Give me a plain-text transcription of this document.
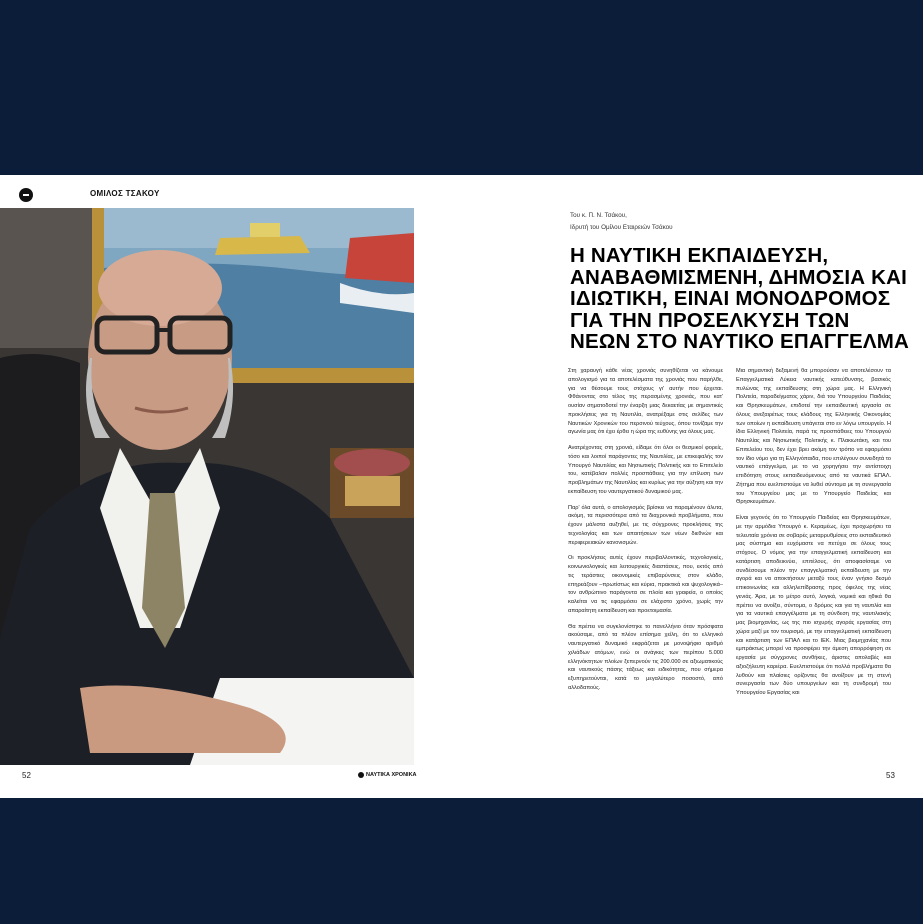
ΟΜΙΛΟΣ ΤΣΑΚΟΥ
52	ΝΑΥΤΙΚΑ ΧΡΟΝΙΚΑ
Του κ. Π. Ν. Τσάκου,
Ιδρυτή του Ομίλου Εταιρειών Τσάκου
Η ΝΑΥΤΙΚΗ ΕΚΠΑΙΔΕΥΣΗ, ΑΝΑΒΑΘΜΙΣΜΕΝΗ, ΔΗΜΟΣΙΑ ΚΑΙ ΙΔΙΩΤΙΚΗ, ΕΙΝΑΙ ΜΟΝΟΔΡΟΜΟΣ ΓΙΑ ΤΗΝ ΠΡΟΣΕΛΚΥΣΗ ΤΩΝ ΝΕΩΝ ΣΤΟ ΝΑΥΤΙΚΟ ΕΠΑΓΓΕΛΜΑ

Στη χαραυγή κάθε νέας χρονιάς συνηθίζεται να κάνουμε απολογισμό για τα αποτελέσματα της χρονιάς που παρήλθε, για να θέσουμε τους στόχους γι' αυτήν που έρχεται. Φθάνοντας στο τέλος της περασμένης χρονιάς, που κατ' ουσίαν σηματοδοτεί την έναρξη μιας δεκαετίας με σημαντικές προκλήσεις για τη Ναυτιλία, ανατρέξαμε στις σελίδες των Ναυτικών Χρονικών του περσινού τεύχους, όπου τονίζαμε την αγωνία μας ότι έχει έρθει η ώρα της ευθύνης για όλους μας.

Ανατρέχοντας στη χρονιά, είδαμε ότι όλοι οι θεσμικοί φορείς, τόσο και λοιποί παράγοντες της Ναυτιλίας, με επικεφαλής τον Υπουργό Ναυτιλίας και Νησιωτικής Πολιτικής και το Επιτελείο του, κατέβαλαν πολλές προσπάθειες για την επίλυση των προβλημάτων της Ναυτιλίας και κυρίως για την αύξηση και την εκπαίδευση του ναυτεργατικού δυναμικού μας.

Παρ' όλα αυτά, ο απολογισμός βρίσκει να παραμένουν άλυτα, ακόμη, τα περισσότερα από τα διαχρονικά προβλήματα, που έχουν μάλιστα αυξηθεί, με τις σύγχρονες προκλήσεις της τεχνολογίας και των απαιτήσεων των νέων διεθνών και περιφερειακών κανονισμών.

Οι προκλήσεις αυτές έχουν περιβαλλοντικές, τεχνολογικές, κοινωνιολογικές και λειτουργικές διαστάσεις, που, εκτός από τις τεράστιες οικονομικές επιβαρύνσεις στον κλάδο, επηρεάζουν –πρωτίστως και κύρια, πρακτικά και ψυχολογικά– τον ανθρώπινο παράγοντα σε πλοία και γραφεία, ο οποίος καλείται να τις εφαρμόσει σε ελάχιστο χρόνο, χωρίς την απαραίτητη εκπαίδευση και προετοιμασία.

Θα πρέπει να συγκλονίστηκε το πανελλήνιο όταν πρόσφατα ακούσαμε, από τα πλέον επίσημα χείλη, ότι το ελληνικό ναυτεργατικό δυναμικό εκφράζεται με μονοψήφιο αριθμό χιλιάδων ατόμων, ενώ οι ανάγκες των περίπου 5.000 ελληνόκτητων πλοίων ξεπερνούν τις 200.000 σε αξιωματικούς και ναυτικούς πάσης τάξεως και ειδικότητας, που σήμερα εξυπηρετούνται, κατά το μεγαλύτερο ποσοστό, από αλλοδαπούς.

Μια σημαντική δεξαμενή θα μπορούσαν να αποτελέσουν τα Επαγγελματικά Λύκεια ναυτικής κατεύθυνσης, βασικός πυλώνας της εκπαίδευσης στη χώρα μας. Η Ελληνική Πολιτεία, παραδείγματος χάριν, διά του Υπουργείου Παιδείας και Θρησκευμάτων, επιδοτεί την εκπαιδευτική εργασία σε όλους ανεξαιρέτως τους κλάδους της Ελληνικής Οικονομίας των οποίων η εκπαίδευση υπάγεται στο εν λόγω υπουργείο. Η ίδια Ελληνική Πολιτεία, παρά τις προσπάθειες του Υπουργού Ναυτιλίας και Νησιωτικής Πολιτικής κ. Πλακιωτάκη, και του Επιτελείου του, δεν έχει βρει ακόμη τον τρόπο να εφαρμόσει τον ίδιο νόμο για τη Ελληνόπαιδα, που επιλέγουν συνειδητά το ναυτικό επάγγελμα, με το να χορηγήσει την αντίστοιχη επιδότηση στους εκπαιδευόμενους από τα ναυτικά ΕΠΑΛ. Ζήτημα που ευελπιστούμε να λυθεί σύντομα με τη συνεργασία του Υπουργείου μας με το Υπουργείο Παιδείας και Θρησκευμάτων.

Είναι γεγονός ότι το Υπουργείο Παιδείας και Θρησκευμάτων, με την αρμόδια Υπουργό κ. Κεραμέως, έχει προχωρήσει τα τελευταία χρόνια σε σοβαρές μεταρρυθμίσεις στο εκπαιδευτικό μας σύστημα και ευχόμαστε να πετύχει σε όλους τους στόχους. Ο νόμος για την επαγγελματική εκπαίδευση και κατάρτιση αποδεικνύει, επιτέλους, ότι αποφασίσαμε να συνδέσουμε πλέον την επαγγελματική εκπαίδευση με την αγορά και να αποκτήσουν μεταξύ τους έναν γνήσιο δεσμό επικοινωνίας και αλληλεπίδρασης προς όφελος της νέας γενιάς. Άρα, με το μέτρο αυτό, λογικά, νομικά και ηθικά θα πρέπει να ανοίξει, σύντομα, ο δρόμος και για τη ναυτιλία και για τα ναυτικά επαγγέλματα με τη σύνδεση της ναυτιλιακής μας βιομηχανίας, ως της πιο ισχυρής αγοράς εργασίας στη χώρα μαζί με τον τουρισμό, με την επαγγελματική εκπαίδευση και κατάρτιση των ΕΠΑΛ και το ΙΕΚ. Μιας βιομηχανίας που εμπράκτως μπορεί να προσφέρει την άμεση απορρόφηση σε εργασία με σύγχρονες συνθήκες, άριστες απολαβές και αξιοζήλευτη καριέρα. Ευελπιστούμε ότι πολλά προβλήματα θα λυθούν και πλαίσιες ορίζοντες θα ανοίξουν με τη στενή συνεργασία των δύο υπουργείων και τη συνδρομή του Υπουργείου Εργασίας και

53
